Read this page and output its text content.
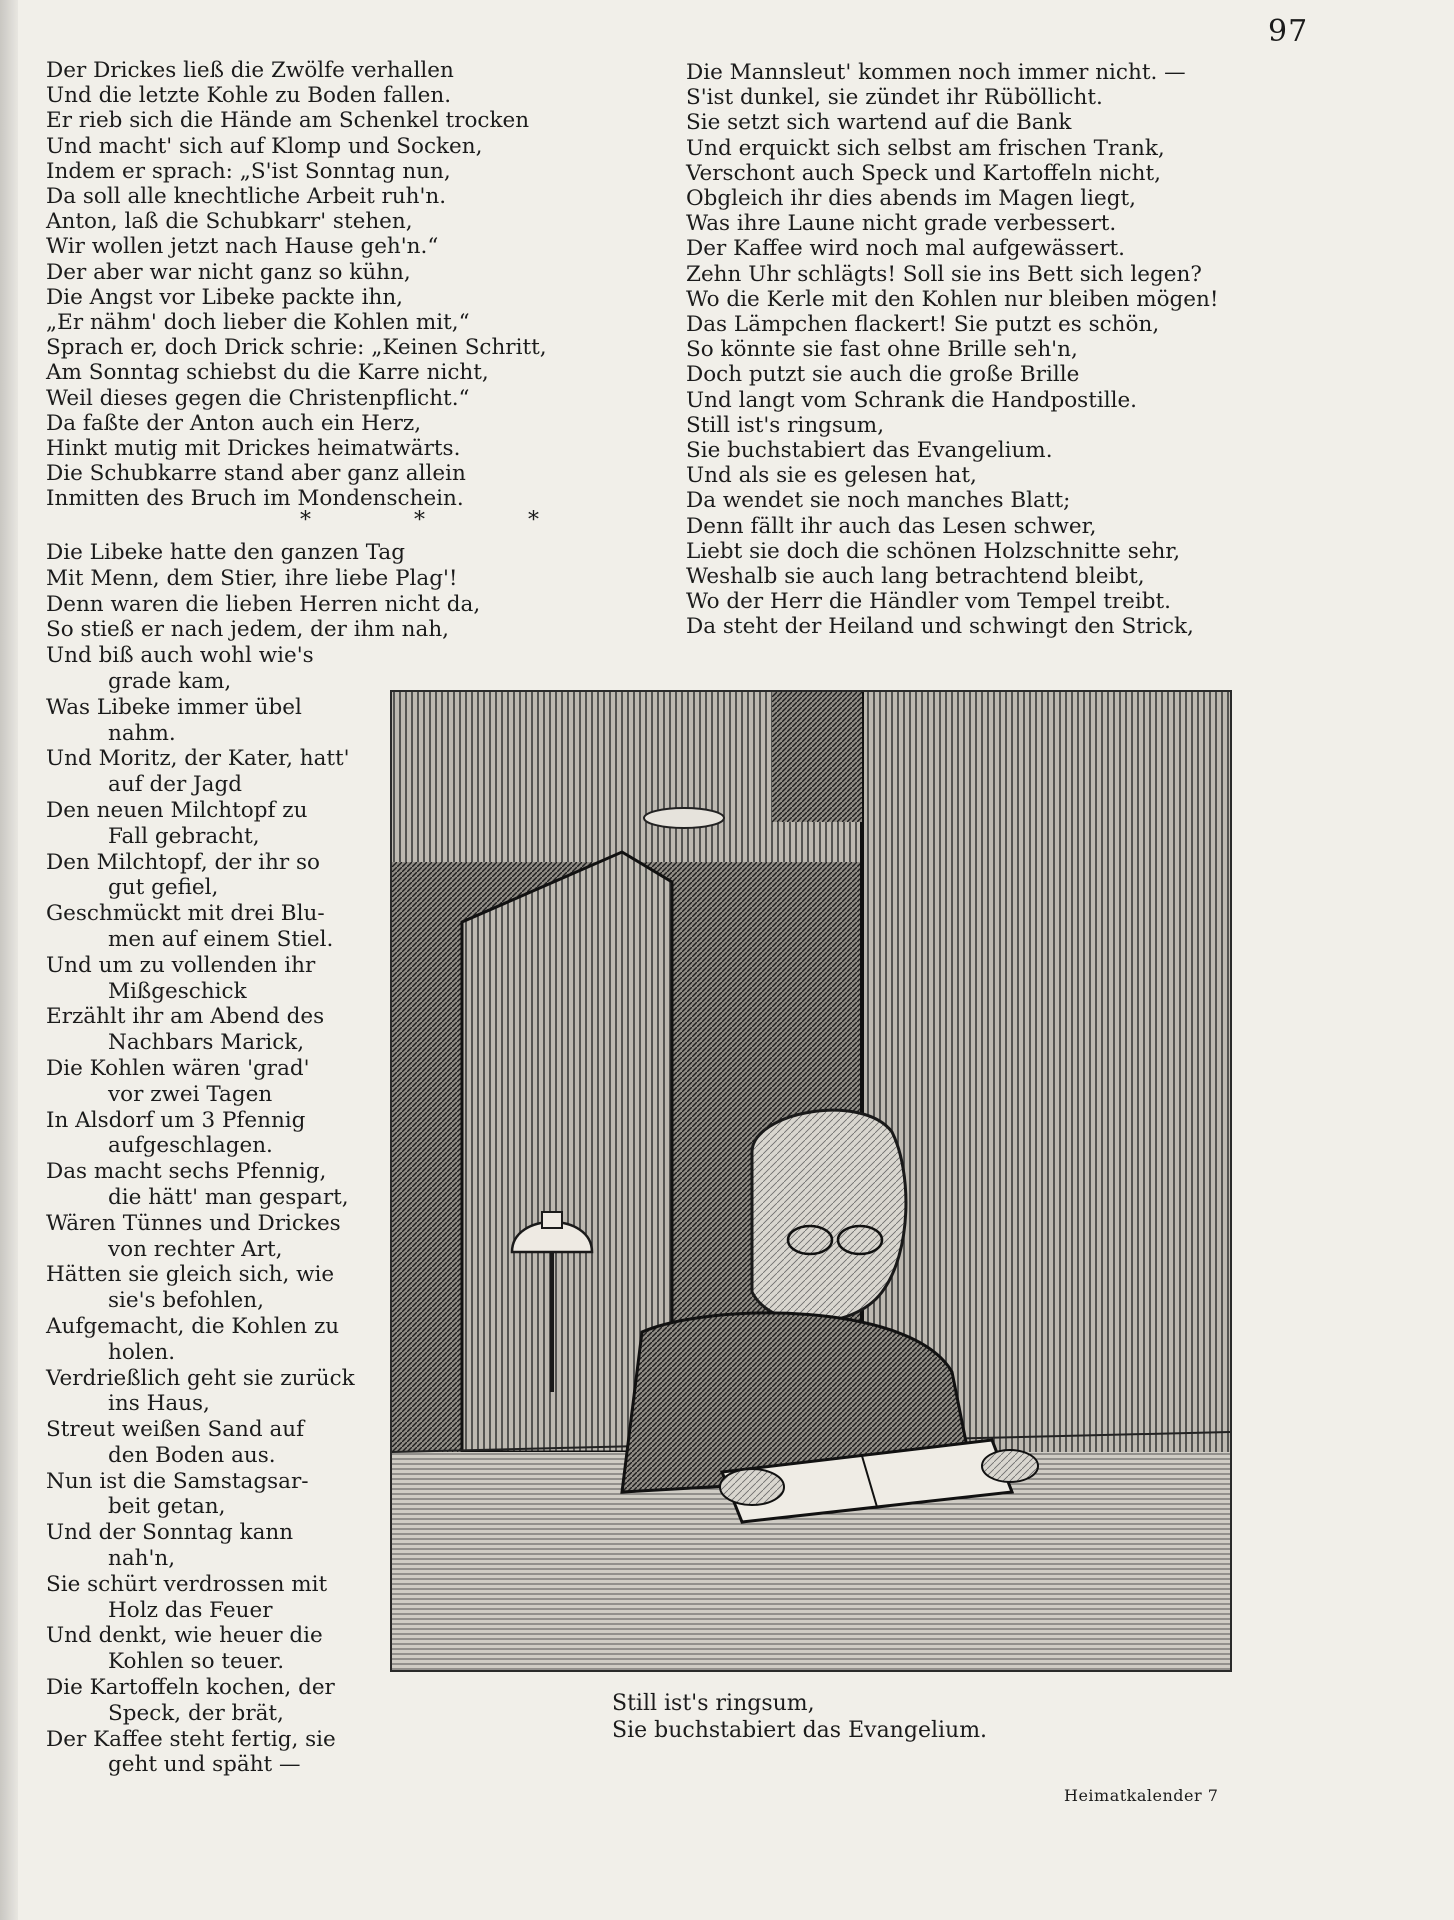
97
Der Drickes ließ die Zwölfe verhallen
Und die letzte Kohle zu Boden fallen.
Er rieb sich die Hände am Schenkel trocken
Und macht' sich auf Klomp und Socken,
Indem er sprach: „S'ist Sonntag nun,
Da soll alle knechtliche Arbeit ruh'n.
Anton, laß die Schubkarr' stehen,
Wir wollen jetzt nach Hause geh'n.“
Der aber war nicht ganz so kühn,
Die Angst vor Libeke packte ihn,
„Er nähm' doch lieber die Kohlen mit,“
Sprach er, doch Drick schrie: „Keinen Schritt,
Am Sonntag schiebst du die Karre nicht,
Weil dieses gegen die Christenpflicht.“
Da faßte der Anton auch ein Herz,
Hinkt mutig mit Drickes heimatwärts.
Die Schubkarre stand aber ganz allein
Inmitten des Bruch im Mondenschein.
* * *
Die Libeke hatte den ganzen Tag
Mit Menn, dem Stier, ihre liebe Plag'!
Denn waren die lieben Herren nicht da,
So stieß er nach jedem, der ihm nah,
Und biß auch wohl wie's
grade kam,
Was Libeke immer übel
nahm.
Und Moritz, der Kater, hatt'
auf der Jagd
Den neuen Milchtopf zu
Fall gebracht,
Den Milchtopf, der ihr so
gut gefiel,
Geschmückt mit drei Blu-
men auf einem Stiel.
Und um zu vollenden ihr
Mißgeschick
Erzählt ihr am Abend des
Nachbars Marick,
Die Kohlen wären 'grad'
vor zwei Tagen
In Alsdorf um 3 Pfennig
aufgeschlagen.
Das macht sechs Pfennig,
die hätt' man gespart,
Wären Tünnes und Drickes
von rechter Art,
Hätten sie gleich sich, wie
sie's befohlen,
Aufgemacht, die Kohlen zu
holen.
Verdrießlich geht sie zurück
ins Haus,
Streut weißen Sand auf
den Boden aus.
Nun ist die Samstagsar-
beit getan,
Und der Sonntag kann
nah'n,
Sie schürt verdrossen mit
Holz das Feuer
Und denkt, wie heuer die
Kohlen so teuer.
Die Kartoffeln kochen, der
Speck, der brät,
Der Kaffee steht fertig, sie
geht und späht —
Die Mannsleut' kommen noch immer nicht. —
S'ist dunkel, sie zündet ihr Rüböllicht.
Sie setzt sich wartend auf die Bank
Und erquickt sich selbst am frischen Trank,
Verschont auch Speck und Kartoffeln nicht,
Obgleich ihr dies abends im Magen liegt,
Was ihre Laune nicht grade verbessert.
Der Kaffee wird noch mal aufgewässert.
Zehn Uhr schlägts! Soll sie ins Bett sich legen?
Wo die Kerle mit den Kohlen nur bleiben mögen!
Das Lämpchen flackert! Sie putzt es schön,
So könnte sie fast ohne Brille seh'n,
Doch putzt sie auch die große Brille
Und langt vom Schrank die Handpostille.
Still ist's ringsum,
Sie buchstabiert das Evangelium.
Und als sie es gelesen hat,
Da wendet sie noch manches Blatt;
Denn fällt ihr auch das Lesen schwer,
Liebt sie doch die schönen Holzschnitte sehr,
Weshalb sie auch lang betrachtend bleibt,
Wo der Herr die Händler vom Tempel treibt.
Da steht der Heiland und schwingt den Strick,
Still ist's ringsum,
Sie buchstabiert das Evangelium.
Heimatkalender 7
